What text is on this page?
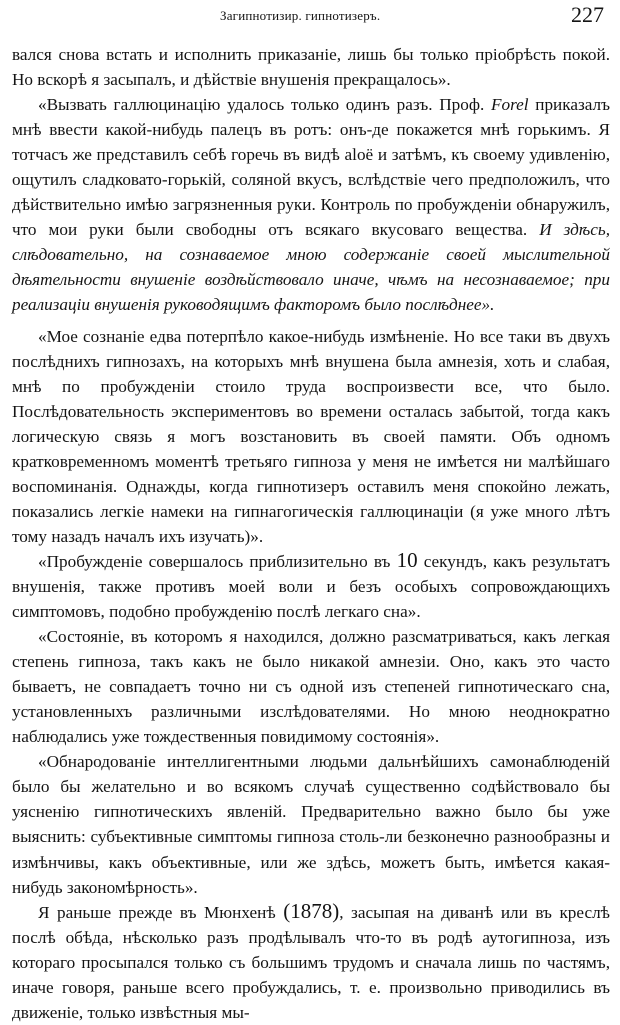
Загипнотизир. гипнотизеръ.	227

вался снова встать и исполнить приказаніе, лишь бы только пріобрѣсть покой. Но вскорѣ я засыпалъ, и дѣйствіе внушенія прекращалось».

«Вызвать галлюцинацію удалось только одинъ разъ. Проф. Forel приказалъ мнѣ ввести какой-нибудь палецъ въ ротъ: онъ-де покажется мнѣ горькимъ. Я тотчасъ же представилъ себѣ горечь въ видѣ aloё и затѣмъ, къ своему удивленію, ощутилъ сладковато-горькій, соляной вкусъ, вслѣдствіе чего предположилъ, что дѣйствительно имѣю загрязненныя руки. Контроль по пробужденіи обнаружилъ, что мои руки были свободны отъ всякаго вкусоваго вещества. И здѣсь, слѣдовательно, на сознаваемое мною содержаніе своей мыслительной дѣятельности внушеніе воздѣйствовало иначе, чѣмъ на несознаваемое; при реализаціи внушенія руководящимъ факторомъ было послѣднее».

«Мое сознаніе едва потерпѣло какое-нибудь измѣненіе. Но все таки въ двухъ послѣднихъ гипнозахъ, на которыхъ мнѣ внушена была амнезія, хоть и слабая, мнѣ по пробужденіи стоило труда воспроизвести все, что было. Послѣдовательность экспериментовъ во времени осталась забытой, тогда какъ логическую связь я могъ возстановить въ своей памяти. Объ одномъ кратковременномъ моментѣ третьяго гипноза у меня не имѣется ни малѣйшаго воспоминанія. Однажды, когда гипнотизеръ оставилъ меня спокойно лежать, показались легкіе намеки на гипнагогическія галлюцинаціи (я уже много лѣтъ тому назадъ началъ ихъ изучать)».

«Пробужденіе совершалось приблизительно въ 10 секундъ, какъ результатъ внушенія, также противъ моей воли и безъ особыхъ сопровождающихъ симптомовъ, подобно пробужденію послѣ легкаго сна».

«Состояніе, въ которомъ я находился, должно разсматриваться, какъ легкая степень гипноза, такъ какъ не было никакой амнезіи. Оно, какъ это часто бываетъ, не совпадаетъ точно ни съ одной изъ степеней гипнотическаго сна, установленныхъ различными изслѣдователями. Но мною неоднократно наблюдались уже тождественныя повидимому состоянія».

«Обнародованіе интеллигентными людьми дальнѣйшихъ самонаблюденій было бы желательно и во всякомъ случаѣ существенно содѣйствовало бы уясненію гипнотическихъ явленій. Предварительно важно было бы уже выяснить: субъективные симптомы гипноза столь-ли безконечно разнообразны и измѣнчивы, какъ объективные, или же здѣсь, можетъ быть, имѣется какая-нибудь закономѣрность».

Я раньше прежде въ Мюнхенѣ (1878), засыпая на диванѣ или въ креслѣ послѣ обѣда, нѣсколько разъ продѣлывалъ что-то въ родѣ аутогипноза, изъ котораго просыпался только съ большимъ трудомъ и сначала лишь по частямъ, иначе говоря, раньше всего пробуждались, т. е. произвольно приводились въ движеніе, только извѣстныя мы-
